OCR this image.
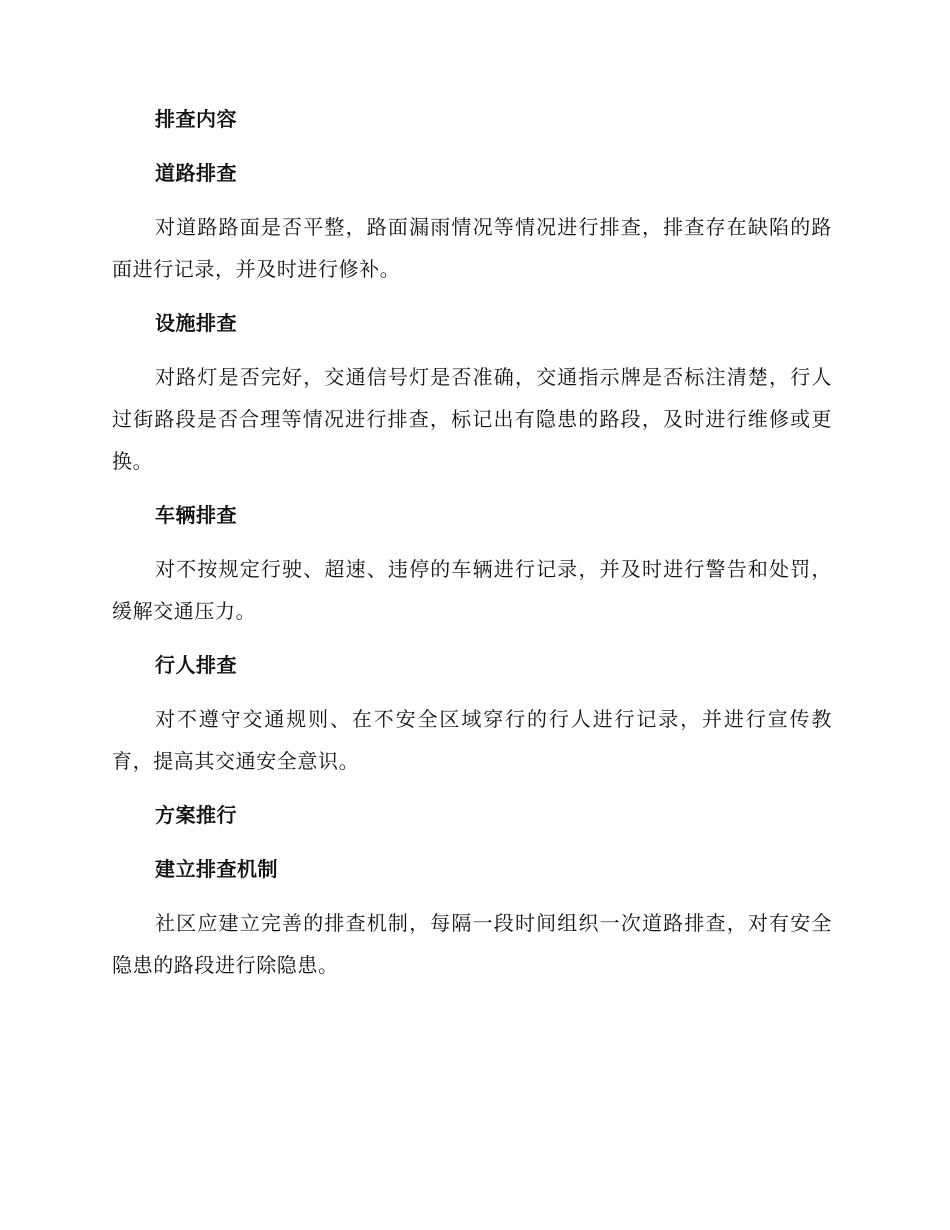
排查内容
道路排查
对道路路面是否平整，路面漏雨情况等情况进行排查，排查存在缺陷的路面进行记录，并及时进行修补。
设施排查
对路灯是否完好，交通信号灯是否准确，交通指示牌是否标注清楚，行人过街路段是否合理等情况进行排查，标记出有隐患的路段，及时进行维修或更换。
车辆排查
对不按规定行驶、超速、违停的车辆进行记录，并及时进行警告和处罚，缓解交通压力。
行人排查
对不遵守交通规则、在不安全区域穿行的行人进行记录，并进行宣传教育，提高其交通安全意识。
方案推行
建立排查机制
社区应建立完善的排查机制，每隔一段时间组织一次道路排查，对有安全隐患的路段进行除隐患。
